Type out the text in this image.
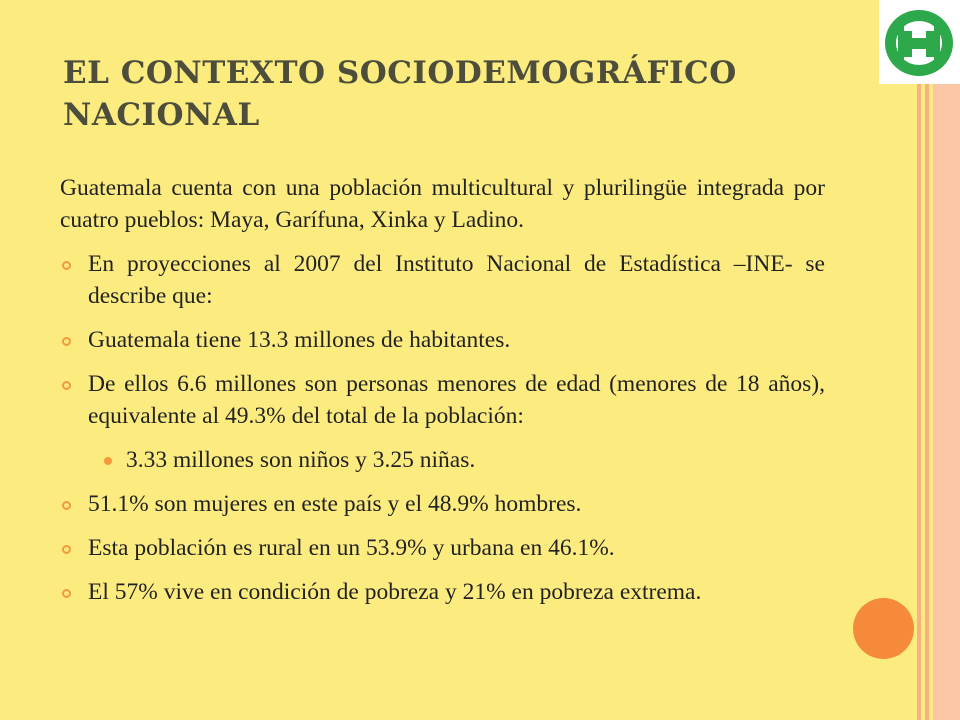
EL CONTEXTO SOCIODEMOGRÁFICO NACIONAL

Guatemala cuenta con una población multicultural y plurilingüe integrada por cuatro pueblos: Maya, Garífuna, Xinka y Ladino.

En proyecciones al 2007 del Instituto Nacional de Estadística –INE- se describe que:

Guatemala tiene 13.3 millones de habitantes.

De ellos 6.6 millones son personas menores de edad (menores de 18 años), equivalente al 49.3% del total de la población:

3.33 millones son niños y 3.25 niñas.

51.1% son mujeres en este país y el 48.9% hombres.

Esta población es rural en un 53.9% y urbana en 46.1%.

El 57% vive en condición de pobreza y 21% en pobreza extrema.
